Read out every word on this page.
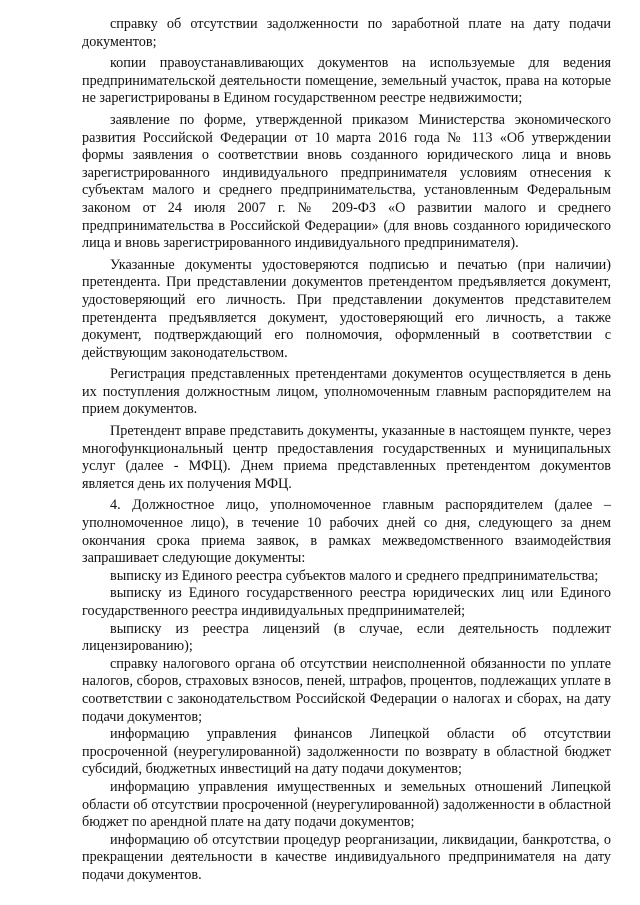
справку об отсутствии задолженности по заработной плате на дату подачи документов;

копии правоустанавливающих документов на используемые для ведения предпринимательской деятельности помещение, земельный участок, права на которые не зарегистрированы в Едином государственном реестре недвижимости;

заявление по форме, утвержденной приказом Министерства экономического развития Российской Федерации от 10 марта 2016 года № 113 «Об утверждении формы заявления о соответствии вновь созданного юридического лица и вновь зарегистрированного индивидуального предпринимателя условиям отнесения к субъектам малого и среднего предпринимательства, установленным Федеральным законом от 24 июля 2007 г. № 209-ФЗ «О развитии малого и среднего предпринимательства в Российской Федерации» (для вновь созданного юридического лица и вновь зарегистрированного индивидуального предпринимателя).

Указанные документы удостоверяются подписью и печатью (при наличии) претендента. При представлении документов претендентом предъявляется документ, удостоверяющий его личность. При представлении документов представителем претендента предъявляется документ, удостоверяющий его личность, а также документ, подтверждающий его полномочия, оформленный в соответствии с действующим законодательством.

Регистрация представленных претендентами документов осуществляется в день их поступления должностным лицом, уполномоченным главным распорядителем на прием документов.

Претендент вправе представить документы, указанные в настоящем пункте, через многофункциональный центр предоставления государственных и муниципальных услуг (далее - МФЦ). Днем приема представленных претендентом документов является день их получения МФЦ.

4. Должностное лицо, уполномоченное главным распорядителем (далее – уполномоченное лицо), в течение 10 рабочих дней со дня, следующего за днем окончания срока приема заявок, в рамках межведомственного взаимодействия запрашивает следующие документы:

выписку из Единого реестра субъектов малого и среднего предпринимательства;

выписку из Единого государственного реестра юридических лиц или Единого государственного реестра индивидуальных предпринимателей;

выписку из реестра лицензий (в случае, если деятельность подлежит лицензированию);

справку налогового органа об отсутствии неисполненной обязанности по уплате налогов, сборов, страховых взносов, пеней, штрафов, процентов, подлежащих уплате в соответствии с законодательством Российской Федерации о налогах и сборах, на дату подачи документов;

информацию управления финансов Липецкой области об отсутствии просроченной (неурегулированной) задолженности по возврату в областной бюджет субсидий, бюджетных инвестиций на дату подачи документов;

информацию управления имущественных и земельных отношений Липецкой области об отсутствии просроченной (неурегулированной) задолженности в областной бюджет по арендной плате на дату подачи документов;

информацию об отсутствии процедур реорганизации, ликвидации, банкротства, о прекращении деятельности в качестве индивидуального предпринимателя на дату подачи документов.
